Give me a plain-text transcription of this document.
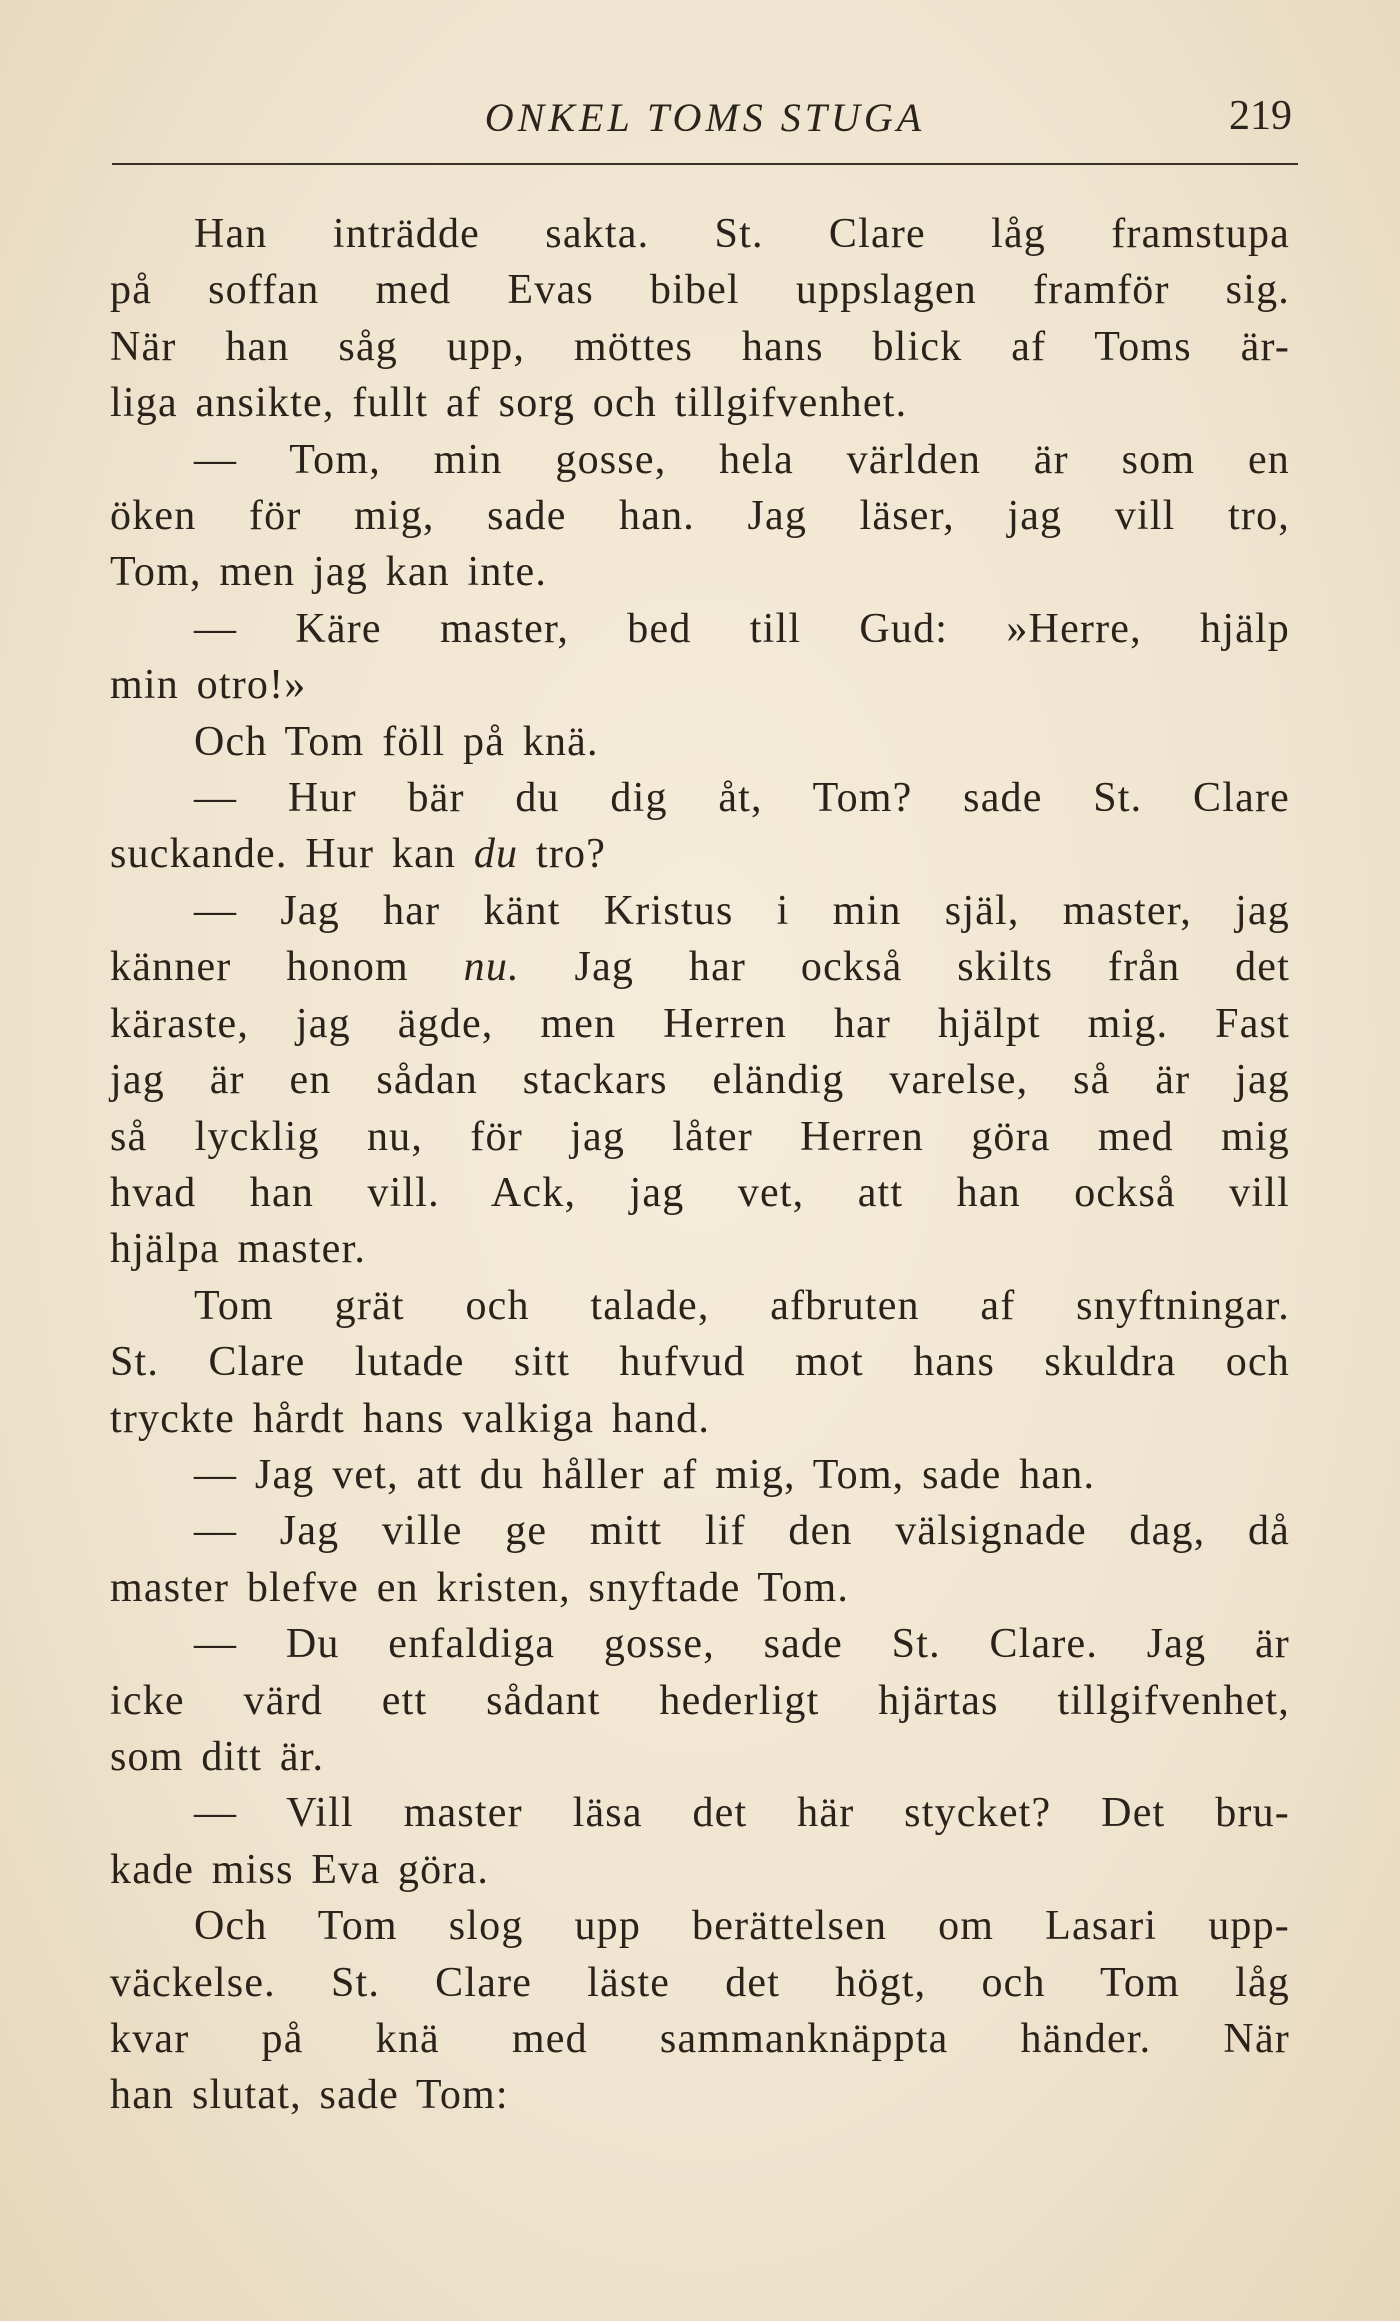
ONKEL TOMS STUGA	219

Han inträdde sakta. St. Clare låg framstupa
på soffan med Evas bibel uppslagen framför sig.
När han såg upp, möttes hans blick af Toms är-
liga ansikte, fullt af sorg och tillgifvenhet.

— Tom, min gosse, hela världen är som en
öken för mig, sade han. Jag läser, jag vill tro,
Tom, men jag kan inte.

— Käre master, bed till Gud: »Herre, hjälp
min otro!»

Och Tom föll på knä.

— Hur bär du dig åt, Tom? sade St. Clare
suckande. Hur kan du tro?

— Jag har känt Kristus i min själ, master, jag
känner honom nu. Jag har också skilts från det
käraste, jag ägde, men Herren har hjälpt mig. Fast
jag är en sådan stackars eländig varelse, så är jag
så lycklig nu, för jag låter Herren göra med mig
hvad han vill. Ack, jag vet, att han också vill
hjälpa master.

Tom grät och talade, afbruten af snyftningar.
St. Clare lutade sitt hufvud mot hans skuldra och
tryckte hårdt hans valkiga hand.

— Jag vet, att du håller af mig, Tom, sade han.

— Jag ville ge mitt lif den välsignade dag, då
master blefve en kristen, snyftade Tom.

— Du enfaldiga gosse, sade St. Clare. Jag är
icke värd ett sådant hederligt hjärtas tillgifvenhet,
som ditt är.

— Vill master läsa det här stycket? Det bru-
kade miss Eva göra.

Och Tom slog upp berättelsen om Lasari upp-
väckelse. St. Clare läste det högt, och Tom låg
kvar på knä med sammanknäppta händer. När
han slutat, sade Tom:
